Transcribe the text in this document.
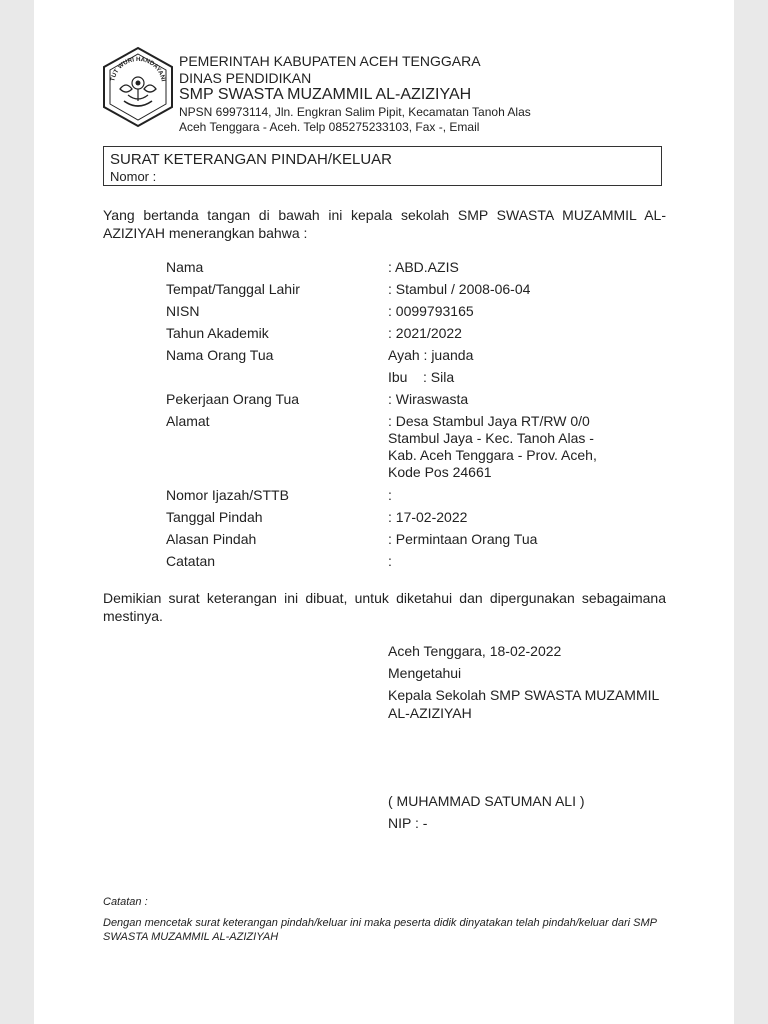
TUT WURI HANDAYANI
PEMERINTAH KABUPATEN ACEH TENGGARA
DINAS PENDIDIKAN
SMP SWASTA MUZAMMIL AL-AZIZIYAH
NPSN 69973114, Jln. Engkran Salim Pipit, Kecamatan Tanoh Alas
Aceh Tenggara - Aceh. Telp 085275233103, Fax -, Email
SURAT KETERANGAN PINDAH/KELUAR
Nomor :
Yang bertanda tangan di bawah ini kepala sekolah SMP SWASTA MUZAMMIL AL-AZIZIYAH menerangkan bahwa :
Nama	: ABD.AZIS
Tempat/Tanggal Lahir	: Stambul / 2008-06-04
NISN	: 0099793165
Tahun Akademik	: 2021/2022
Nama Orang Tua	Ayah : juanda
Ibu    : Sila
Pekerjaan Orang Tua	: Wiraswasta
Alamat	: Desa Stambul Jaya RT/RW 0/0
Stambul Jaya - Kec. Tanoh Alas -
Kab. Aceh Tenggara - Prov. Aceh,
Kode Pos 24661
Nomor Ijazah/STTB	:
Tanggal Pindah	: 17-02-2022
Alasan Pindah	: Permintaan Orang Tua
Catatan	:
Demikian surat keterangan ini dibuat, untuk diketahui dan dipergunakan sebagaimana mestinya.
Aceh Tenggara, 18-02-2022
Mengetahui
Kepala Sekolah SMP SWASTA MUZAMMIL
AL-AZIZIYAH
( MUHAMMAD SATUMAN ALI )
NIP : -
Catatan :
Dengan mencetak surat keterangan pindah/keluar ini maka peserta didik dinyatakan telah pindah/keluar dari SMP SWASTA MUZAMMIL AL-AZIZIYAH
